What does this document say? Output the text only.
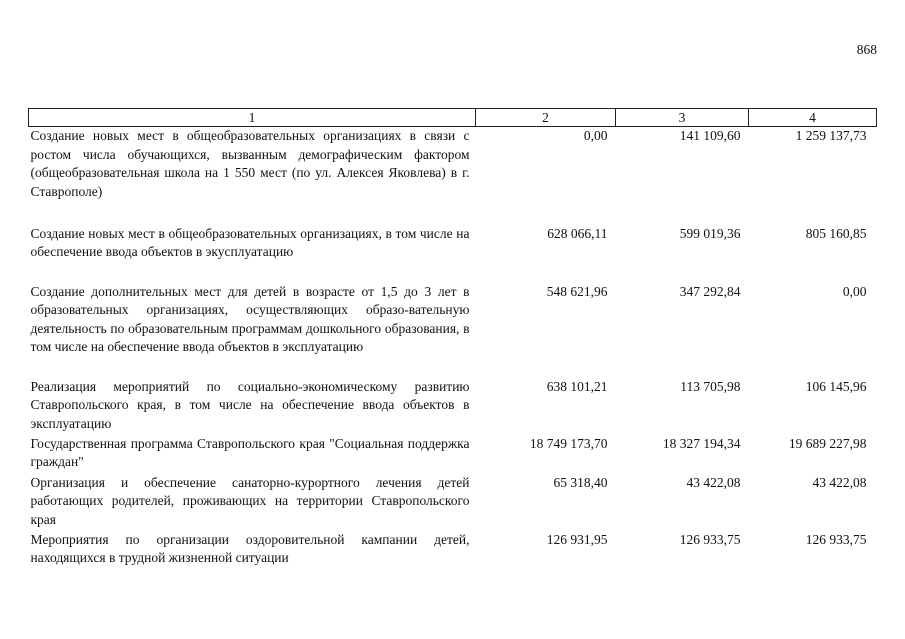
868
1	2	3	4
Создание новых мест в общеобразовательных организациях в связи с ростом числа обучающихся, вызванным демографическим фактором (общеобразовательная школа на 1 550 мест (по ул. Алексея Яковлева) в г. Ставрополе)	0,00	141 109,60	1 259 137,73
Создание новых мест в общеобразовательных организациях, в том числе на обеспечение ввода объектов в экусплуатацию	628 066,11	599 019,36	805 160,85
Создание дополнительных мест для детей в возрасте от 1,5 до 3 лет в образовательных организациях, осуществляющих образо-вательную деятельность по образовательным программам дошкольного образования, в том числе на обеспечение ввода объектов в эксплуатацию	548 621,96	347 292,84	0,00
Реализация мероприятий по социально-экономическому развитию Ставропольского края, в том числе на обеспечение ввода объектов в эксплуатацию	638 101,21	113 705,98	106 145,96
Государственная программа Ставропольского края "Социальная поддержка граждан"	18 749 173,70	18 327 194,34	19 689 227,98
Организация и обеспечение санаторно-курортного лечения детей работающих родителей, проживающих на территории Ставропольского края	65 318,40	43 422,08	43 422,08
Мероприятия по организации оздоровительной кампании детей, находящихся в трудной жизненной ситуации	126 931,95	126 933,75	126 933,75
